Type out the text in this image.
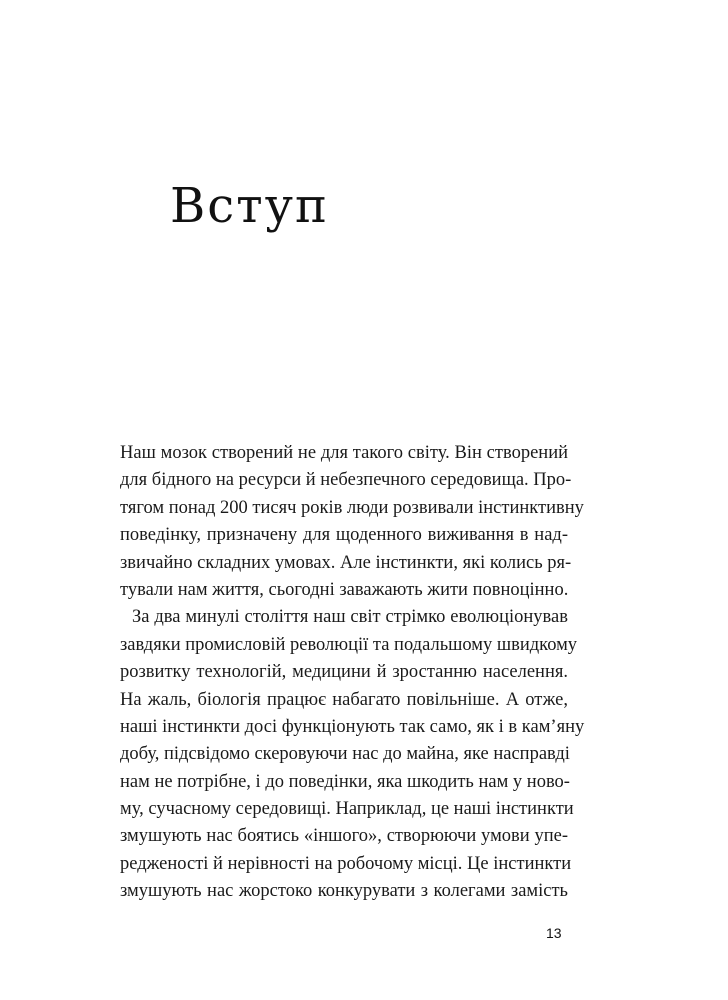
Вступ
Наш мозок створений не для такого світу. Він створений
для бідного на ресурси й небезпечного середовища. Про-
тягом понад 200 тисяч років люди розвивали інстинктивну
поведінку, призначену для щоденного виживання в над-
звичайно складних умовах. Але інстинкти, які колись ря-
тували нам життя, сьогодні заважають жити повноцінно.
За два минулі століття наш світ стрімко еволюціонував
завдяки промисловій революції та подальшому швидкому
розвитку технологій, медицини й зростанню населення.
На жаль, біологія працює набагато повільніше. А отже,
наші інстинкти досі функціонують так само, як і в кам’яну
добу, підсвідомо скеровуючи нас до майна, яке насправді
нам не потрібне, і до поведінки, яка шкодить нам у ново-
му, сучасному середовищі. Наприклад, це наші інстинкти
змушують нас боятись «іншого», створюючи умови упе-
редженості й нерівності на робочому місці. Це інстинкти
змушують нас жорстоко конкурувати з колегами замість
13
